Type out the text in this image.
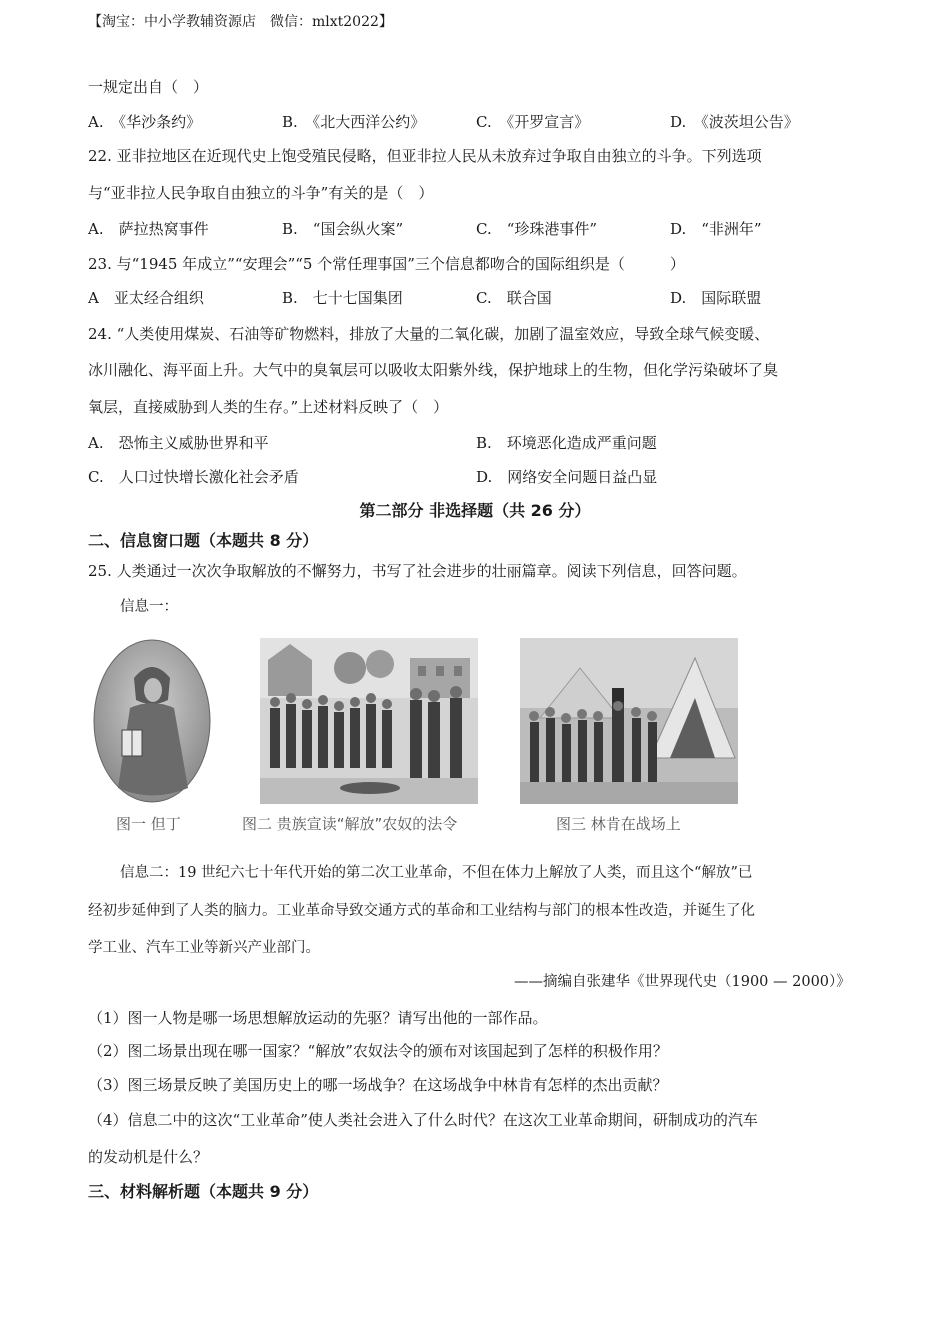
【淘宝：中小学教辅资源店　微信：mlxt2022】
一规定出自（　）
A.　《华沙条约》	B.　《北大西洋公约》	C.　《开罗宣言》	D.　《波茨坦公告》
22. 亚非拉地区在近现代史上饱受殖民侵略，但亚非拉人民从未放弃过争取自由独立的斗争。下列选项
与“亚非拉人民争取自由独立的斗争”有关的是（　）
A.　萨拉热窝事件	B.　“国会纵火案”	C.　“珍珠港事件”	D.　“非洲年”
23. 与“1945 年成立”“安理会”“5 个常任理事国”三个信息都吻合的国际组织是（　　　）
A　亚太经合组织	B.　七十七国集团	C.　联合国	D.　国际联盟
24. “人类使用煤炭、石油等矿物燃料，排放了大量的二氧化碳，加剧了温室效应，导致全球气候变暖、
冰川融化、海平面上升。大气中的臭氧层可以吸收太阳紫外线，保护地球上的生物，但化学污染破坏了臭
氧层，直接威胁到人类的生存。”上述材料反映了（　）
A.　恐怖主义威胁世界和平	B.　环境恶化造成严重问题
C.　人口过快增长激化社会矛盾	D.　网络安全问题日益凸显
第二部分 非选择题（共 26 分）
二、信息窗口题（本题共 8 分）
25. 人类通过一次次争取解放的不懈努力，书写了社会进步的壮丽篇章。阅读下列信息，回答问题。
信息一：
图一 但丁	图二 贵族宣读“解放”农奴的法令	图三 林肯在战场上
信息二：19 世纪六七十年代开始的第二次工业革命，不但在体力上解放了人类，而且这个“解放”已
经初步延伸到了人类的脑力。工业革命导致交通方式的革命和工业结构与部门的根本性改造，并诞生了化
学工业、汽车工业等新兴产业部门。
——摘编自张建华《世界现代史（1900 — 2000）》
（1）图一人物是哪一场思想解放运动的先驱？请写出他的一部作品。
（2）图二场景出现在哪一国家？“解放”农奴法令的颁布对该国起到了怎样的积极作用？
（3）图三场景反映了美国历史上的哪一场战争？在这场战争中林肯有怎样的杰出贡献？
（4）信息二中的这次“工业革命”使人类社会进入了什么时代？在这次工业革命期间，研制成功的汽车
的发动机是什么？
三、材料解析题（本题共 9 分）
